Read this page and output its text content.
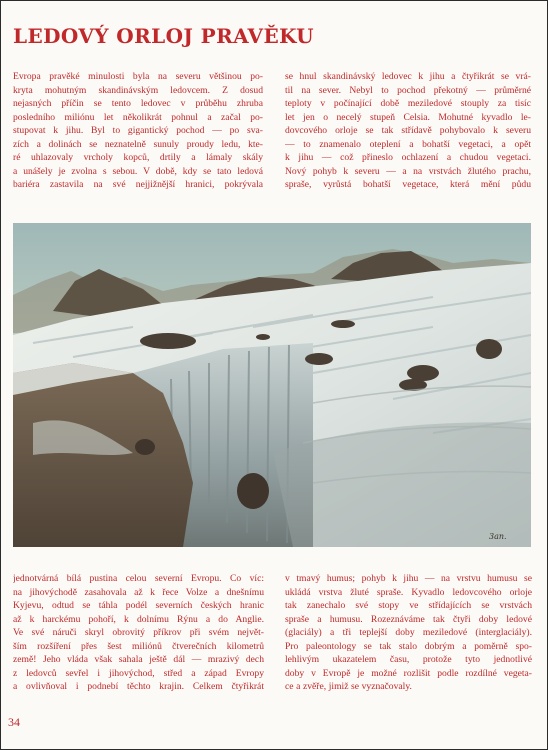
LEDOVÝ ORLOJ PRAVĚKU
Evropa pravěké minulosti byla na severu většinou po-
kryta mohutným skandinávským ledovcem. Z dosud
nejasných příčin se tento ledovec v průběhu zhruba
posledního miliónu let několikrát pohnul a začal po-
stupovat k jihu. Byl to gigantický pochod — po sva-
zích a dolinách se neznatelně sunuly proudy ledu, kte-
ré uhlazovaly vrcholy kopců, drtily a lámaly skály
a unášely je zvolna s sebou. V době, kdy se tato ledová
bariéra zastavila na své nejjižnější hranici, pokrývala
se hnul skandinávský ledovec k jihu a čtyřikrát se vrá-
til na sever. Nebyl to pochod překotný — průměrné
teploty v počínající době meziledové stouply za tisíc
let jen o necelý stupeň Celsia. Mohutné kyvadlo le-
dovcového orloje se tak střídavě pohybovalo k severu
— to znamenalo oteplení a bohatší vegetaci, a opět
k jihu — což přineslo ochlazení a chudou vegetaci.
Nový pohyb k severu — a na vrstvách žlutého prachu,
spraše, vyrůstá bohatší vegetace, která mění půdu
3an.
jednotvárná bílá pustina celou severní Evropu. Co víc:
na jihovýchodě zasahovala až k řece Volze a dnešnímu
Kyjevu, odtud se táhla podél severních českých hranic
až k harckému pohoří, k dolnímu Rýnu a do Anglie.
Ve své náruči skryl obrovitý příkrov při svém největ-
ším rozšíření přes šest miliónů čtverečních kilometrů
země! Jeho vláda však sahala ještě dál — mrazivý dech
z ledovců sevřel i jihovýchod, střed a západ Evropy
a ovlivňoval i podnebí těchto krajin. Celkem čtyřikrát
v tmavý humus; pohyb k jihu — na vrstvu humusu se
ukládá vrstva žluté spraše. Kyvadlo ledovcového orloje
tak zanechalo své stopy ve střídajících se vrstvách
spraše a humusu. Rozeznáváme tak čtyři doby ledové
(glaciály) a tři teplejší doby meziledové (interglaciály).
Pro paleontology se tak stalo dobrým a poměrně spo-
lehlivým ukazatelem času, protože tyto jednotlivé
doby v Evropě je možné rozlišit podle rozdílné vegeta-
ce a zvěře, jimiž se vyznačovaly.
34
